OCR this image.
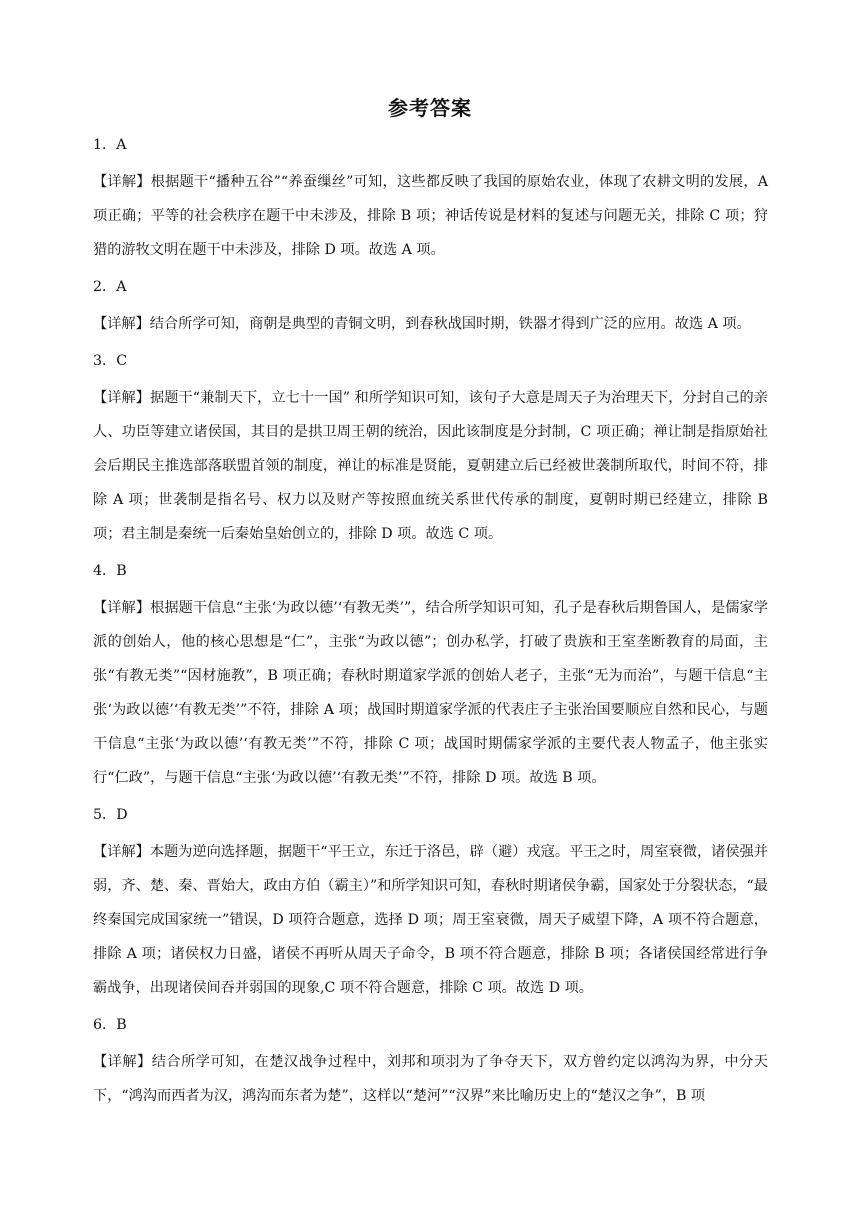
参考答案
1．A
【详解】根据题干“播种五谷”“养蚕缫丝”可知，这些都反映了我国的原始农业，体现了农耕文明的发展，A 项正确；平等的社会秩序在题干中未涉及，排除 B 项；神话传说是材料的复述与问题无关，排除 C 项；狩猎的游牧文明在题干中未涉及，排除 D 项。故选 A 项。
2．A
【详解】结合所学可知，商朝是典型的青铜文明，到春秋战国时期，铁器才得到广泛的应用。故选 A 项。
3．C
【详解】据题干“兼制天下，立七十一国” 和所学知识可知，该句子大意是周天子为治理天下，分封自己的亲人、功臣等建立诸侯国，其目的是拱卫周王朝的统治，因此该制度是分封制，C 项正确；禅让制是指原始社会后期民主推选部落联盟首领的制度，禅让的标准是贤能，夏朝建立后已经被世袭制所取代，时间不符，排除 A 项；世袭制是指名号、权力以及财产等按照血统关系世代传承的制度，夏朝时期已经建立，排除 B 项；君主制是秦统一后秦始皇始创立的，排除 D 项。故选 C 项。
4．B
【详解】根据题干信息“主张‘为政以德’‘有教无类’”，结合所学知识可知，孔子是春秋后期鲁国人，是儒家学派的创始人，他的核心思想是“仁”，主张“为政以德”；创办私学，打破了贵族和王室垄断教育的局面，主张“有教无类”“因材施教”，B 项正确；春秋时期道家学派的创始人老子，主张“无为而治”，与题干信息“主张‘为政以德’‘有教无类’”不符，排除 A 项；战国时期道家学派的代表庄子主张治国要顺应自然和民心，与题干信息“主张‘为政以德’‘有教无类’”不符，排除 C 项；战国时期儒家学派的主要代表人物孟子，他主张实行“仁政”，与题干信息“主张‘为政以德’‘有教无类’”不符，排除 D 项。故选 B 项。
5．D
【详解】本题为逆向选择题，据题干“平王立，东迁于洛邑，辟（避）戎寇。平王之时，周室衰微，诸侯强并弱，齐、楚、秦、晋始大，政由方伯（霸主）”和所学知识可知，春秋时期诸侯争霸，国家处于分裂状态，“最终秦国完成国家统一”错误，D 项符合题意，选择 D 项；周王室衰微，周天子威望下降，A 项不符合题意，排除 A 项；诸侯权力日盛，诸侯不再听从周天子命令，B 项不符合题意，排除 B 项；各诸侯国经常进行争霸战争，出现诸侯间吞并弱国的现象,C 项不符合题意，排除 C 项。故选 D 项。
6．B
【详解】结合所学可知，在楚汉战争过程中，刘邦和项羽为了争夺天下，双方曾约定以鸿沟为界，中分天下，“鸿沟而西者为汉，鸿沟而东者为楚”，这样以“楚河”“汉界”来比喻历史上的“楚汉之争”，B 项
